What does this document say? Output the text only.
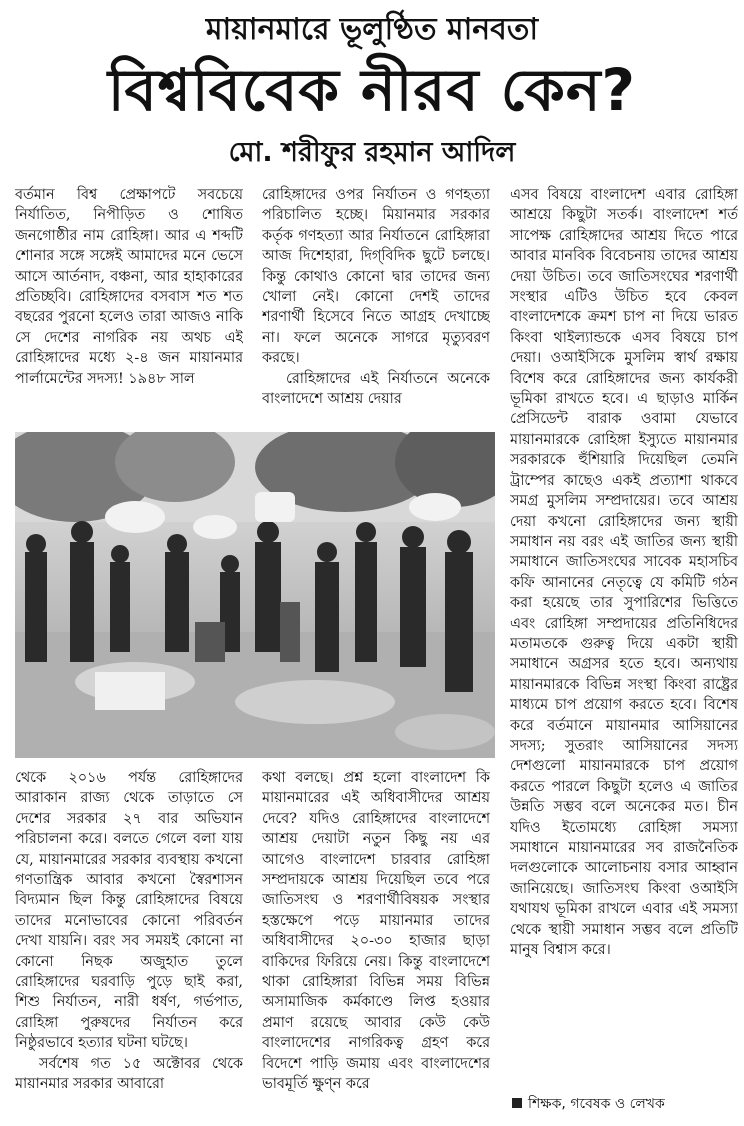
মায়ানমারে ভূলুণ্ঠিত মানবতা
বিশ্ববিবেক নীরব কেন?
মো. শরীফুর রহমান আদিল

বর্তমান বিশ্ব প্রেক্ষাপটে সবচেয়ে নির্যাতিত, নিপীড়িত ও শোষিত জনগোষ্ঠীর নাম রোহিঙ্গা। আর এ শব্দটি শোনার সঙ্গে সঙ্গেই আমাদের মনে ভেসে আসে আর্তনাদ, বঞ্চনা, আর হাহাকারের প্রতিচ্ছবি। রোহিঙ্গাদের বসবাস শত শত বছরের পুরনো হলেও তারা আজও নাকি সে দেশের নাগরিক নয় অথচ এই রোহিঙ্গাদের মধ্যে ২-৪ জন মায়ানমার পার্লামেন্টের সদস্য! ১৯৪৮ সাল

রোহিঙ্গাদের ওপর নির্যাতন ও গণহত্যা পরিচালিত হচ্ছে। মিয়ানমার সরকার কর্তৃক গণহত্যা আর নির্যাতনে রোহিঙ্গারা আজ দিশেহারা, দিগ্‌বিদিক ছুটে চলছে। কিন্তু কোথাও কোনো দ্বার তাদের জন্য খোলা নেই। কোনো দেশই তাদের শরণার্থী হিসেবে নিতে আগ্রহ দেখাচ্ছে না। ফলে অনেকে সাগরে মৃত্যুবরণ করছে।

রোহিঙ্গাদের এই নির্যাতনে অনেকে বাংলাদেশে আশ্রয় দেয়ার

এসব বিষয়ে বাংলাদেশ এবার রোহিঙ্গা আশ্রয়ে কিছুটা সতর্ক। বাংলাদেশ শর্ত সাপেক্ষ রোহিঙ্গাদের আশ্রয় দিতে পারে আবার মানবিক বিবেচনায় তাদের আশ্রয় দেয়া উচিত। তবে জাতিসংঘের শরণার্থী সংস্থার এটিও উচিত হবে কেবল বাংলাদেশকে ক্রমশ চাপ না দিয়ে ভারত কিংবা থাইল্যান্ডকে এসব বিষয়ে চাপ দেয়া। ওআইসিকে মুসলিম স্বার্থ রক্ষায় বিশেষ করে রোহিঙ্গাদের জন্য কার্যকরী ভূমিকা রাখতে হবে। এ ছাড়াও মার্কিন প্রেসিডেন্ট বারাক ওবামা যেভাবে মায়ানমারকে রোহিঙ্গা ইস্যুতে মায়ানমার সরকারকে হুঁশিয়ারি দিয়েছিল তেমনি ট্রাম্পের কাছেও একই প্রত্যাশা থাকবে সমগ্র মুসলিম সম্প্রদায়ের। তবে আশ্রয় দেয়া কখনো রোহিঙ্গাদের জন্য স্থায়ী সমাধান নয় বরং এই জাতির জন্য স্থায়ী সমাধানে জাতিসংঘের সাবেক মহাসচিব কফি আনানের নেতৃত্বে যে কমিটি গঠন করা হয়েছে তার সুপারিশের ভিত্তিতে এবং রোহিঙ্গা সম্প্রদায়ের প্রতিনিধিদের মতামতকে গুরুত্ব দিয়ে একটা স্থায়ী সমাধানে অগ্রসর হতে হবে। অন্যথায় মায়ানমারকে বিভিন্ন সংস্থা কিংবা রাষ্ট্রের মাধ্যমে চাপ প্রয়োগ করতে হবে। বিশেষ করে বর্তমানে মায়ানমার আসিয়ানের সদস্য; সুতরাং আসিয়ানের সদস্য দেশগুলো মায়ানমারকে চাপ প্রয়োগ করতে পারলে কিছুটা হলেও এ জাতির উন্নতি সম্ভব বলে অনেকের মত। চীন যদিও ইতোমধ্যে রোহিঙ্গা সমস্যা সমাধানে মায়ানমারের সব রাজনৈতিক দলগুলোকে আলোচনায় বসার আহ্বান জানিয়েছে। জাতিসংঘ কিংবা ওআইসি যথাযথ ভূমিকা রাখলে এবার এই সমস্যা থেকে স্থায়ী সমাধান সম্ভব বলে প্রতিটি মানুষ বিশ্বাস করে।

থেকে ২০১৬ পর্যন্ত রোহিঙ্গাদের আরাকান রাজ্য থেকে তাড়াতে সে দেশের সরকার ২৭ বার অভিযান পরিচালনা করে। বলতে গেলে বলা যায় যে, মায়ানমারের সরকার ব্যবস্থায় কখনো গণতান্ত্রিক আবার কখনো স্বৈরশাসন বিদ্যমান ছিল কিন্তু রোহিঙ্গাদের বিষয়ে তাদের মনোভাবের কোনো পরিবর্তন দেখা যায়নি। বরং সব সময়ই কোনো না কোনো নিছক অজুহাত তুলে রোহিঙ্গাদের ঘরবাড়ি পুড়ে ছাই করা, শিশু নির্যাতন, নারী ধর্ষণ, গর্ভপাত, রোহিঙ্গা পুরুষদের নির্যাতন করে নিষ্ঠুরভাবে হত্যার ঘটনা ঘটছে।

সর্বশেষ গত ১৫ অক্টোবর থেকে মায়ানমার সরকার আবারো

কথা বলছে। প্রশ্ন হলো বাংলাদেশ কি মায়ানমারের এই অধিবাসীদের আশ্রয় দেবে? যদিও রোহিঙ্গাদের বাংলাদেশে আশ্রয় দেয়াটা নতুন কিছু নয় এর আগেও বাংলাদেশ চারবার রোহিঙ্গা সম্প্রদায়কে আশ্রয় দিয়েছিল তবে পরে জাতিসংঘ ও শরণার্থীবিষয়ক সংস্থার হস্তক্ষেপে পড়ে মায়ানমার তাদের অধিবাসীদের ২০-৩০ হাজার ছাড়া বাকিদের ফিরিয়ে নেয়। কিন্তু বাংলাদেশে থাকা রোহিঙ্গারা বিভিন্ন সময় বিভিন্ন অসামাজিক কর্মকাণ্ডে লিপ্ত হওয়ার প্রমাণ রয়েছে আবার কেউ কেউ বাংলাদেশের নাগরিকত্ব গ্রহণ করে বিদেশে পাড়ি জমায় এবং বাংলাদেশের ভাবমূর্তি ক্ষুণ্ন করে

শিক্ষক, গবেষক ও লেখক
